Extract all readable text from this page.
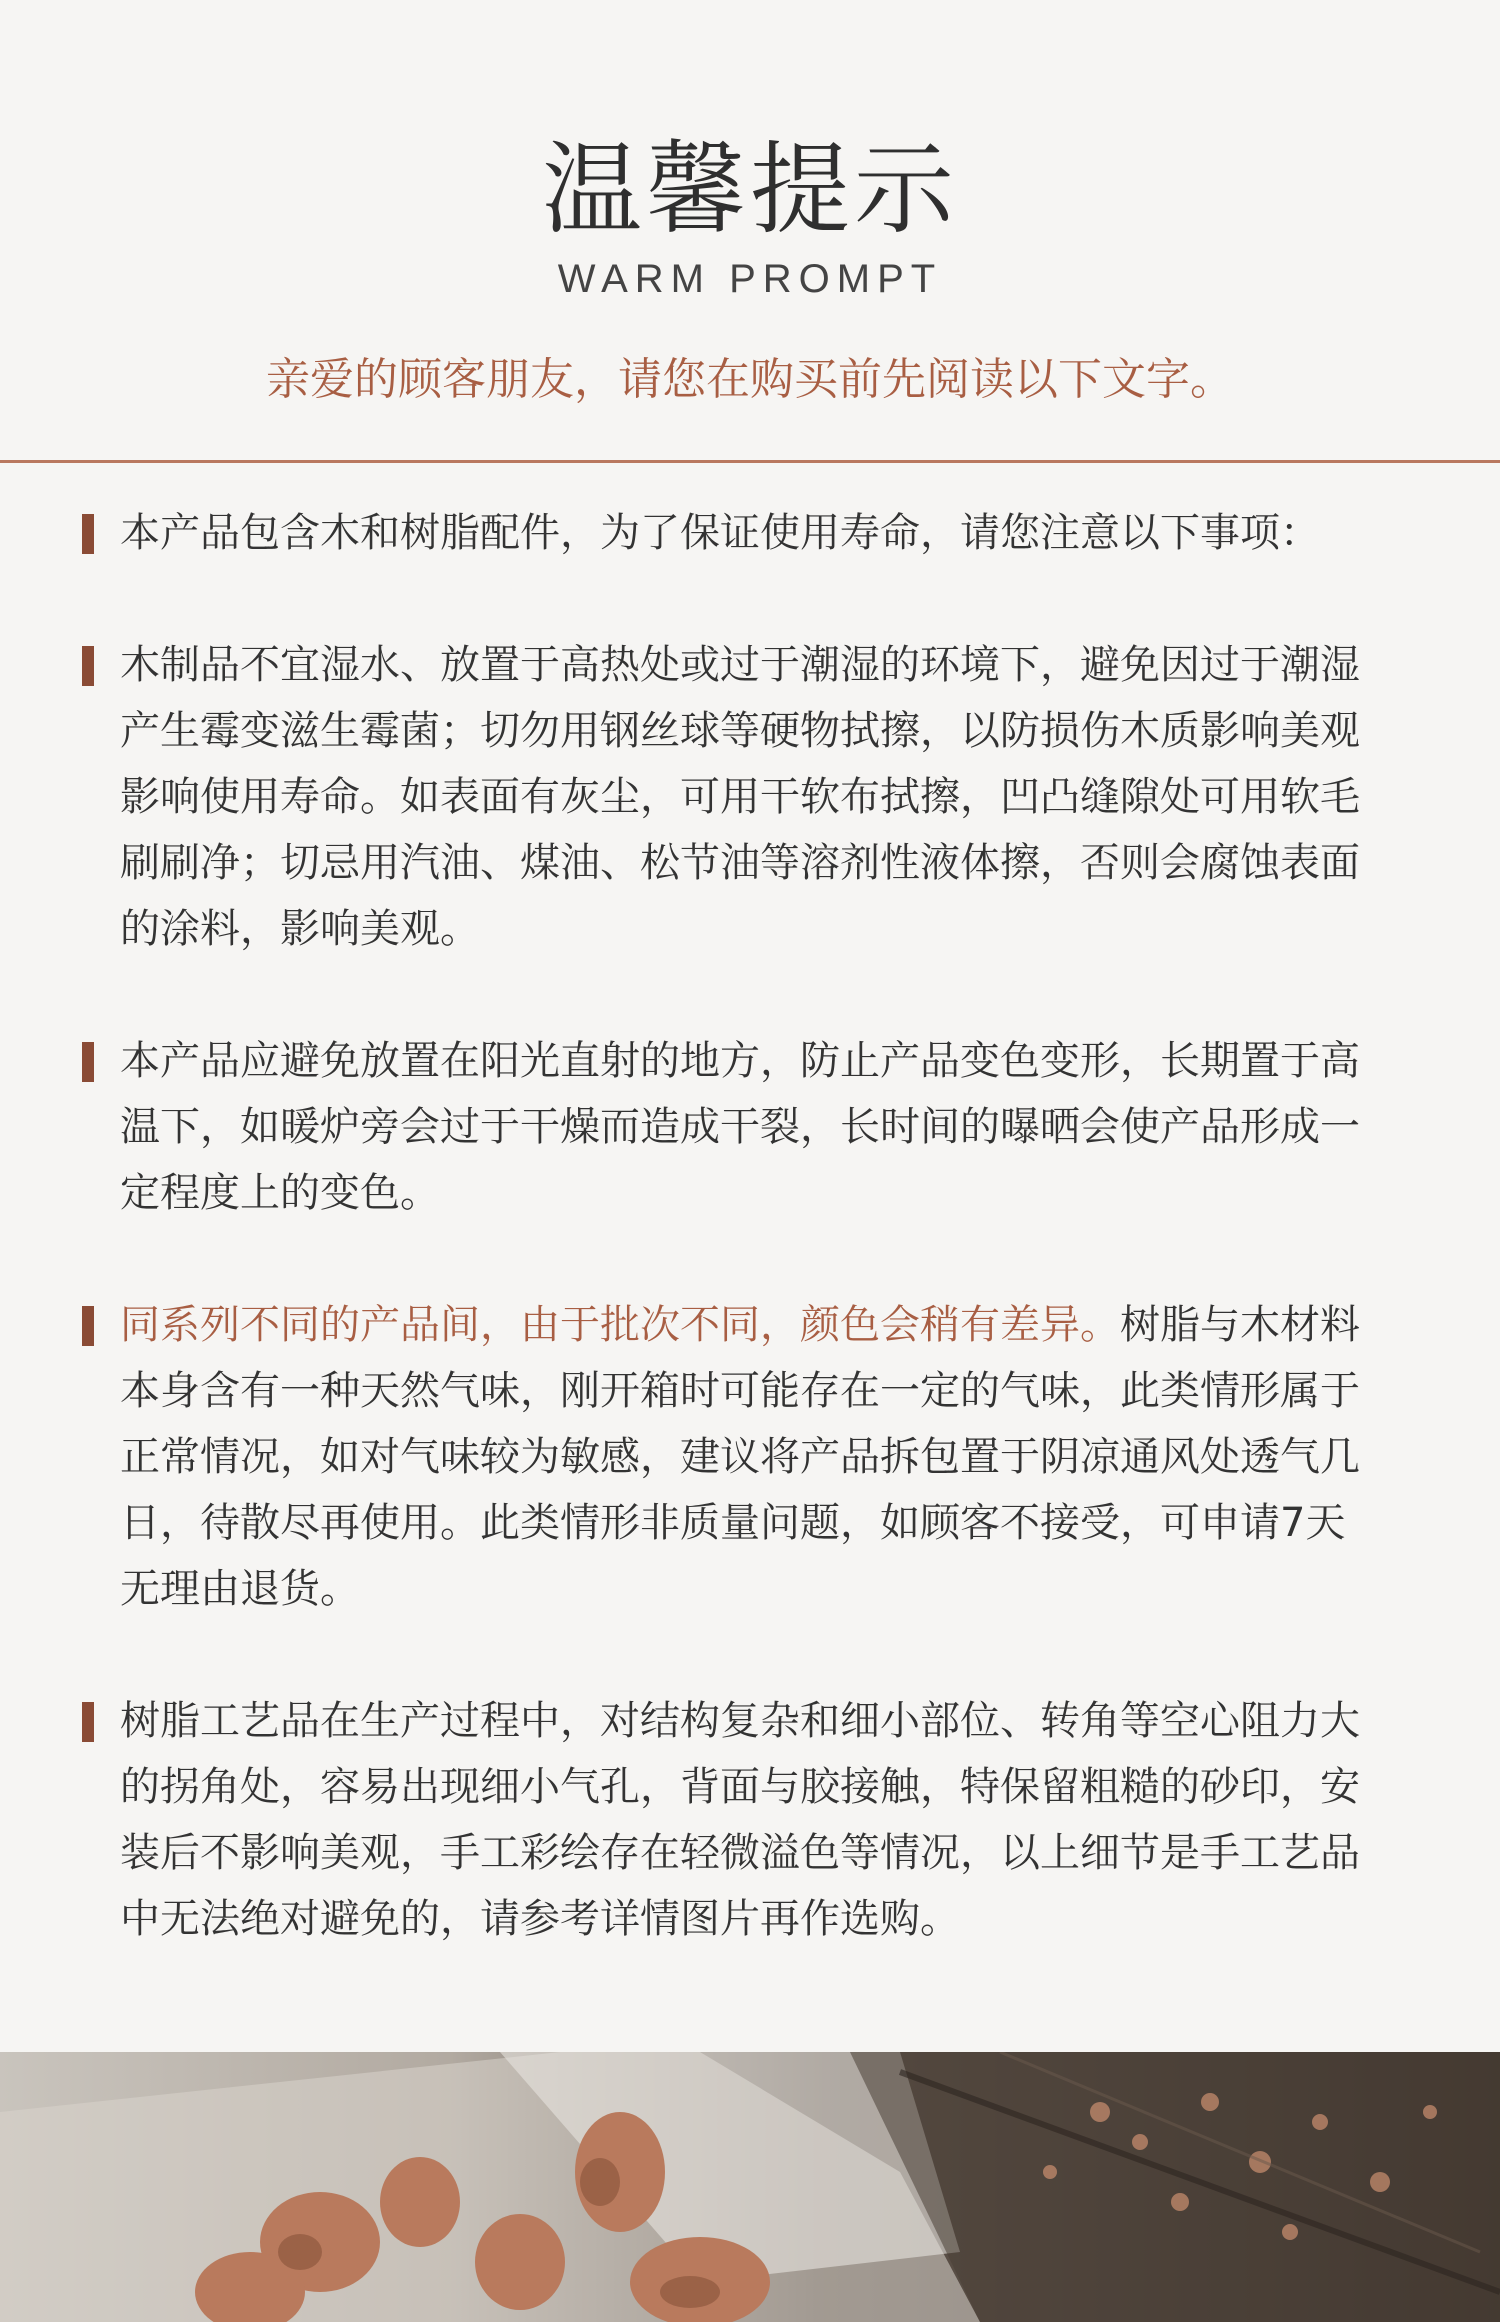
温馨提示
WARM PROMPT
亲爱的顾客朋友，请您在购买前先阅读以下文字。
本产品包含木和树脂配件，为了保证使用寿命，请您注意以下事项：
木制品不宜湿水、放置于高热处或过于潮湿的环境下，避免因过于潮湿产生霉变滋生霉菌；切勿用钢丝球等硬物拭擦，以防损伤木质影响美观影响使用寿命。如表面有灰尘，可用干软布拭擦，凹凸缝隙处可用软毛刷刷净；切忌用汽油、煤油、松节油等溶剂性液体擦，否则会腐蚀表面的涂料，影响美观。
本产品应避免放置在阳光直射的地方，防止产品变色变形，长期置于高温下，如暖炉旁会过于干燥而造成干裂，长时间的曝晒会使产品形成一定程度上的变色。
同系列不同的产品间，由于批次不同，颜色会稍有差异。树脂与木材料本身含有一种天然气味，刚开箱时可能存在一定的气味，此类情形属于正常情况，如对气味较为敏感，建议将产品拆包置于阴凉通风处透气几日，待散尽再使用。此类情形非质量问题，如顾客不接受，可申请7天无理由退货。
树脂工艺品在生产过程中，对结构复杂和细小部位、转角等空心阻力大的拐角处，容易出现细小气孔，背面与胶接触，特保留粗糙的砂印，安装后不影响美观，手工彩绘存在轻微溢色等情况，以上细节是手工艺品中无法绝对避免的，请参考详情图片再作选购。
